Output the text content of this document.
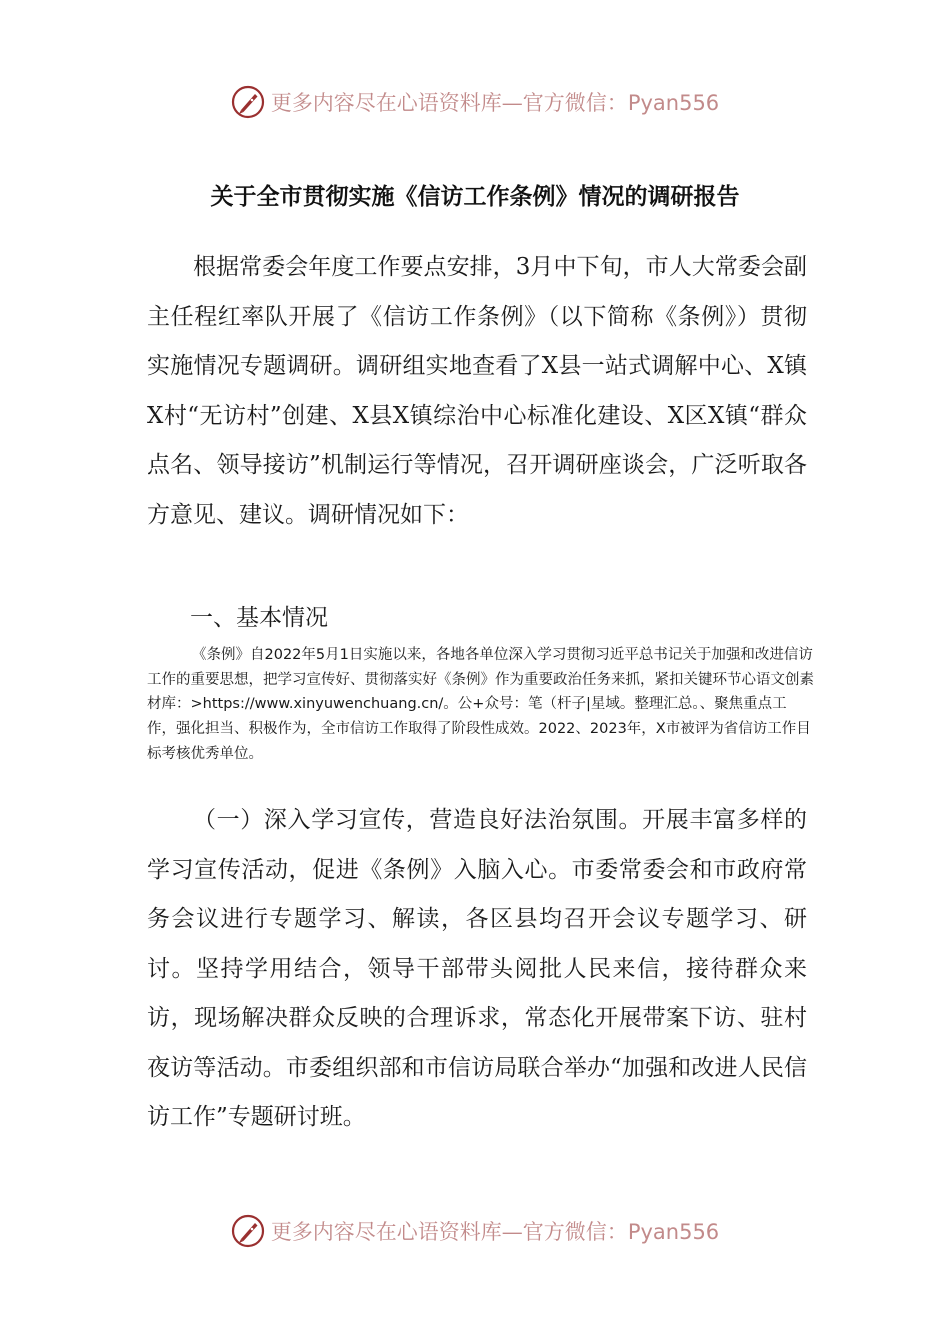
更多内容尽在心语资料库—官方微信：Pyan556
关于全市贯彻实施《信访工作条例》情况的调研报告

根据常委会年度工作要点安排，3月中下旬，市人大常委会副主任程红率队开展了《信访工作条例》（以下简称《条例》）贯彻实施情况专题调研。调研组实地查看了X县一站式调解中心、X镇X村“无访村”创建、X县X镇综治中心标准化建设、X区X镇“群众点名、领导接访”机制运行等情况，召开调研座谈会，广泛听取各方意见、建议。调研情况如下：

一、基本情况

《条例》自2022年5月1日实施以来，各地各单位深入学习贯彻习近平总书记关于加强和改进信访工作的重要思想，把学习宣传好、贯彻落实好《条例》作为重要政治任务来抓，紧扣关键环节心语文创素材库：>https://www.xinyuwenchuang.cn/。公+众号：笔（杆子|星域。整理汇总。、聚焦重点工作，强化担当、积极作为，全市信访工作取得了阶段性成效。2022、2023年，X市被评为省信访工作目标考核优秀单位。

（一）深入学习宣传，营造良好法治氛围。开展丰富多样的学习宣传活动，促进《条例》入脑入心。市委常委会和市政府常务会议进行专题学习、解读，各区县均召开会议专题学习、研讨。坚持学用结合，领导干部带头阅批人民来信，接待群众来访，现场解决群众反映的合理诉求，常态化开展带案下访、驻村夜访等活动。市委组织部和市信访局联合举办“加强和改进人民信访工作”专题研讨班。

更多内容尽在心语资料库—官方微信：Pyan556
